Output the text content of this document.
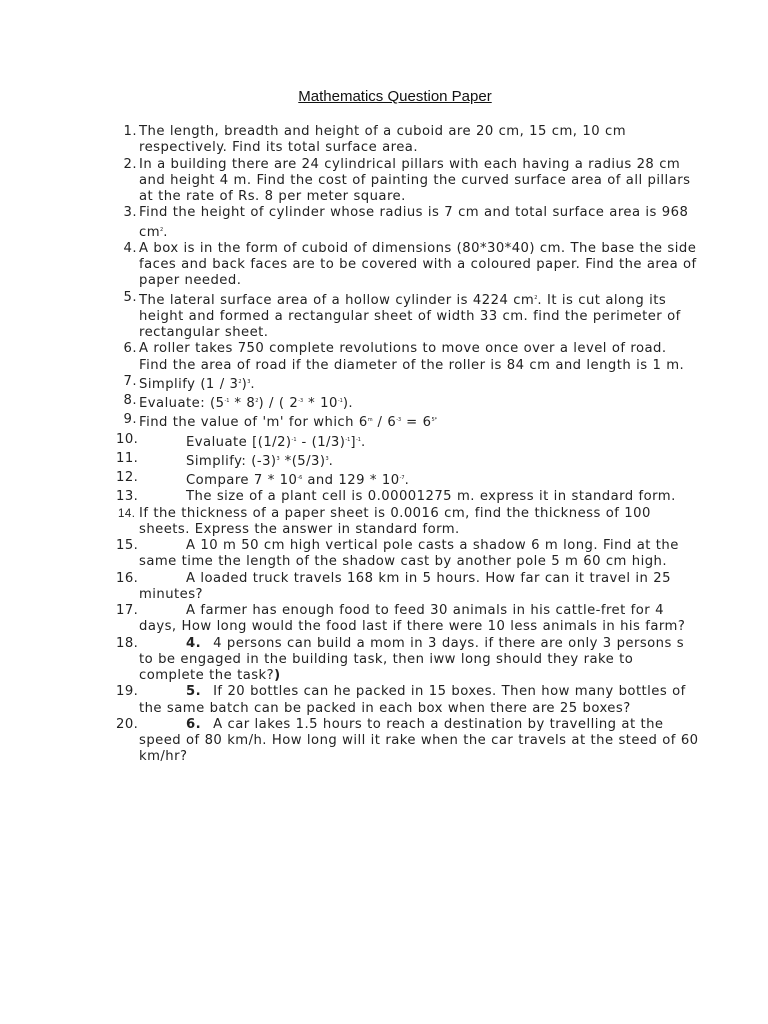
Mathematics Question Paper
1. The length, breadth and height of a cuboid are 20 cm, 15 cm, 10 cm respectively. Find its total surface area.
2. In a building there are 24 cylindrical pillars with each having a radius 28 cm and height 4 m. Find the cost of painting the curved surface area of all pillars at the rate of Rs. 8 per meter square.
3. Find the height of cylinder whose radius is 7 cm and total surface area is 968 $cm^2$.
4. A box is in the form of cuboid of dimensions (80*30*40) cm. The base the side faces and back faces are to be covered with a coloured paper. Find the area of paper needed.
5. The lateral surface area of a hollow cylinder is 4224 $cm^2$. It is cut along its height and formed a rectangular sheet of width 33 cm. find the perimeter of rectangular sheet.
6. A roller takes 750 complete revolutions to move once over a level of road. Find the area of road if the diameter of the roller is 84 cm and length is 1 m.
7. Simplify $(1 / 3^2)^3$.
8. Evaluate: $(5^{-1} * 8^2)$ / ( $2^{-3} * 10^{-1}$).
9. Find the value of 'm' for which $6^m / 6^{-3} = 6^{5*}$
10.	Evaluate $[(1/2)^{-1} - (1/3)^{-1}]^{-1}$.
11.	Simplify: $(-3)^3$ $*(5/3)^3$.
12.	Compare $7 * 10^{-6}$ and $129 * 10^{-7}$.
13.	The size of a plant cell is 0.00001275 m. express it in standard form.
14. If the thickness of a paper sheet is 0.0016 cm, find the thickness of 100 sheets. Express the answer in standard form.
15.	A 10 m 50 cm high vertical pole casts a shadow 6 m long. Find at the same time the length of the shadow cast by another pole 5 m 60 cm high.
16.	A loaded truck travels 168 km in 5 hours. How far can it travel in 25 minutes?
17.	A farmer has enough food to feed 30 animals in his cattle-fret for 4 days, How long would the food last if there were 10 less animals in his farm?
18.	4. 4 persons can build a mom in 3 days. if there are only 3 persons s to be engaged in the building task, then iww long should they rake to complete the task?)
19.	5. If 20 bottles can he packed in 15 boxes. Then how many bottles of the same batch can be packed in each box when there are 25 boxes?
20.	6. A car lakes 1.5 hours to reach a destination by travelling at the speed of 80 km/h. How long will it rake when the car travels at the steed of 60 km/hr?
